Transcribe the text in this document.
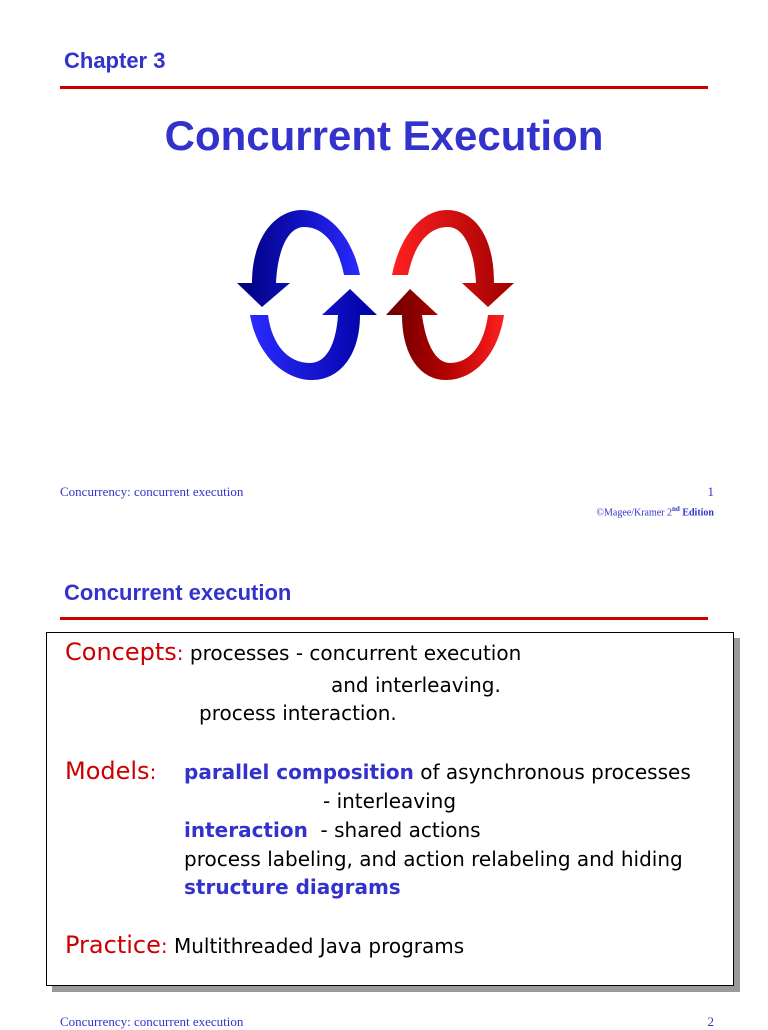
Chapter 3
Concurrent Execution
Concurrency: concurrent execution	1
©Magee/Kramer 2nd Edition
Concurrent execution
Concepts: processes - concurrent execution
and interleaving.
process interaction.
Models: parallel composition of asynchronous processes
- interleaving
interaction  - shared actions
process labeling, and action relabeling and hiding
structure diagrams
Practice: Multithreaded Java programs
Concurrency: concurrent execution	2
